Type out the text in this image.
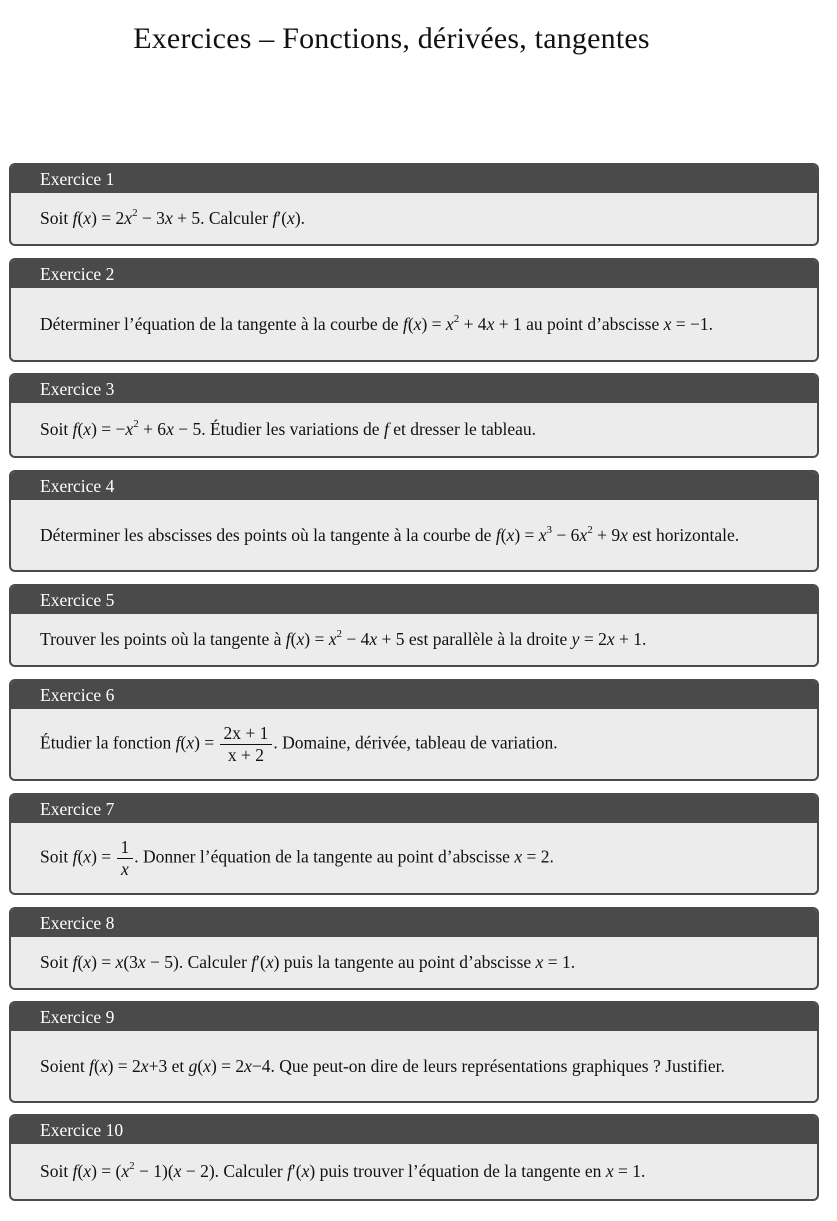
Exercices – Fonctions, dérivées, tangentes
Exercice 1
Soit $f(x) = 2x^2 - 3x + 5$. Calculer f′(x).
Exercice 2
Déterminer l’équation de la tangente à la courbe de $f(x) = x^2 + 4x + 1$ au point d’abscisse x = −1.
Exercice 3
Soit $f(x) = -x^2 + 6x - 5$. Étudier les variations de f et dresser le tableau.
Exercice 4
Déterminer les abscisses des points où la tangente à la courbe de $f(x) = x^3 - 6x^2 + 9x$ est horizontale.
Exercice 5
Trouver les points où la tangente à $f(x) = x^2 - 4x + 5$ est parallèle à la droite y = 2x + 1.
Exercice 6
Étudier la fonction $f(x) = \frac{2x + 1}{x + 2}$ . Domaine, dérivée, tableau de variation.
Exercice 7
Soit $f(x) = \frac{1}{x}$ . Donner l’équation de la tangente au point d’abscisse x = 2.
Exercice 8
Soit f(x) = x(3x − 5). Calculer f′(x) puis la tangente au point d’abscisse x = 1.
Exercice 9
Soient f(x) = 2x+3 et g(x) = 2x−4. Que peut-on dire de leurs représentations graphiques ? Justifier.
Exercice 10
Soit $f(x) = (x^2 - 1)(x - 2)$. Calculer f′(x) puis trouver l’équation de la tangente en x = 1.
